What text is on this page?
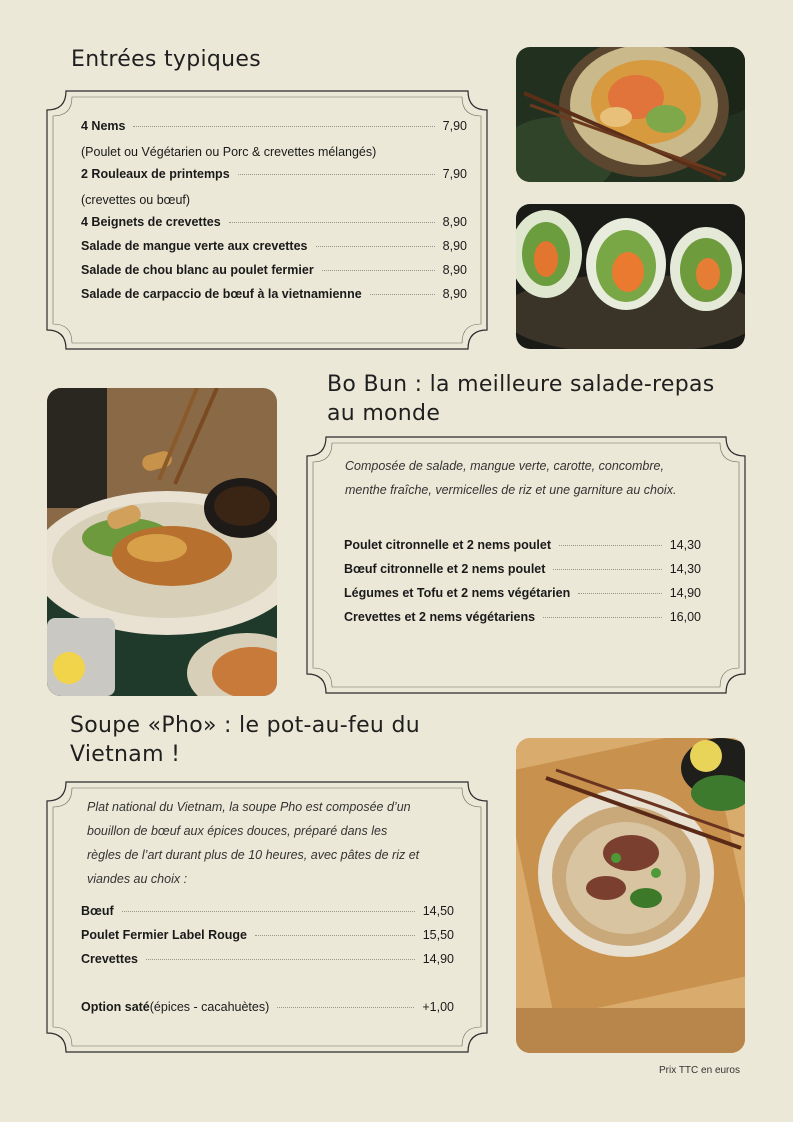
Entrées typiques
4 Nems	7,90
(Poulet ou Végétarien ou Porc & crevettes mélangés)
2 Rouleaux de printemps	7,90
(crevettes ou bœuf)
4 Beignets de crevettes	8,90
Salade de mangue verte aux crevettes	8,90
Salade de chou blanc au poulet fermier	8,90
Salade de carpaccio de bœuf à la vietnamienne	8,90
Bo Bun : la meilleure salade-repas
au monde
Composée de salade, mangue verte, carotte, concombre,
menthe fraîche, vermicelles de riz et une garniture au choix.
Poulet citronnelle et 2 nems poulet	14,30
Bœuf citronnelle et 2 nems poulet	14,30
Légumes et Tofu et 2 nems végétarien	14,90
Crevettes et 2 nems végétariens	16,00
Soupe «Pho» : le pot-au-feu du
Vietnam !
Plat national du Vietnam, la soupe Pho est composée d’un
bouillon de bœuf aux épices douces, préparé dans les
règles de l’art durant plus de 10 heures, avec pâtes de riz et
viandes au choix :
Bœuf	14,50
Poulet Fermier Label Rouge	15,50
Crevettes	14,90
Option saté (épices - cacahuètes)	+1,00
Prix TTC en euros
